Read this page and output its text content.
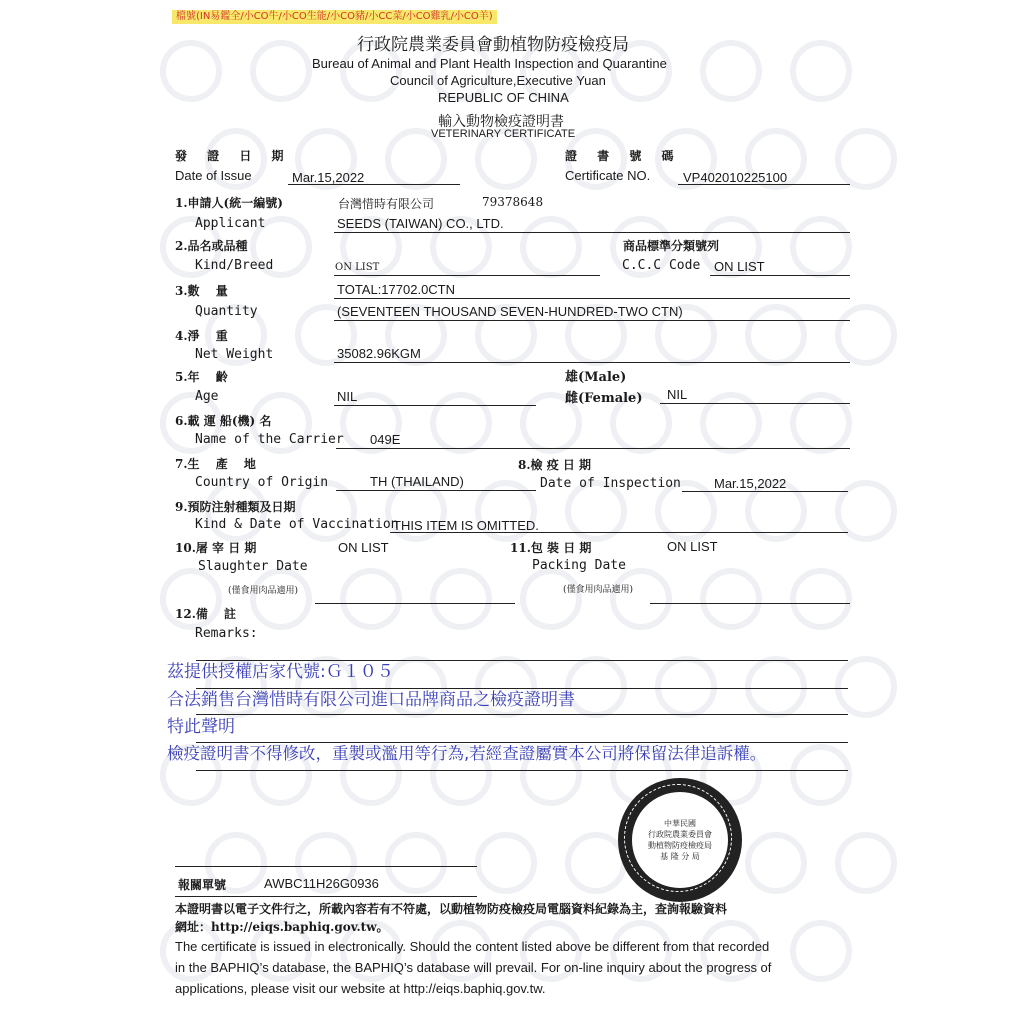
檔號(IN易鑑全/小CO牛/小CO生能/小CO豬/小CC菜/小CO雞乳/小CO羊)
行政院農業委員會動植物防疫檢疫局
Bureau of Animal and Plant Health Inspection and Quarantine
Council of Agriculture,Executive Yuan
REPUBLIC OF CHINA
輸入動物檢疫證明書
VETERINARY CERTIFICATE
發 證 日 期
Date of Issue	Mar.15,2022
證 書 號 碼
Certificate NO.	VP402010225100
1.申請人(統一編號)	台灣惜時有限公司	79378648
Applicant	SEEDS (TAIWAN) CO., LTD.
2.品名或品種	商品標準分類號列
Kind/Breed	ON LIST	C.C.C Code ON LIST
3.數　 量	TOTAL:17702.0CTN
Quantity	(SEVENTEEN THOUSAND SEVEN-HUNDRED-TWO CTN)
4.淨　 重
Net Weight	35082.96KGM
5.年　 齡	雄(Male)
Age	NIL	雌(Female) NIL
6.載 運 船(機) 名
Name of the Carrier 049E
7.生　 產　 地	8.檢 疫 日 期
Country of Origin	TH (THAILAND)	Date of Inspection	Mar.15,2022
9.預防注射種類及日期
Kind & Date of Vaccination
THIS ITEM IS OMITTED.
10.屠 宰 日 期	ON LIST
Slaughter Date
(僅食用肉品適用)
11.包 裝 日 期	ON LIST
Packing Date
(僅食用肉品適用)
12.備　 註
Remarks:
茲提供授權店家代號:Ｇ１０５
合法銷售台灣惜時有限公司進口品牌商品之檢疫證明書
特此聲明
檢疫證明書不得修改，重製或濫用等行為,若經查證屬實本公司將保留法律追訴權。
中華民國
行政院農業委員會
動植物防疫檢疫局
基 隆 分 局
報關單號	AWBC11H26G0936
本證明書以電子文件行之，所載內容若有不符處，以動植物防疫檢疫局電腦資料紀錄為主，查詢報驗資料
網址：http://eiqs.baphiq.gov.tw。
The certificate is issued in electronically. Should the content listed above be different from that recorded
in the BAPHIQ’s database, the BAPHIQ’s database will prevail. For on-line inquiry about the progress of
applications, please visit our website at http://eiqs.baphiq.gov.tw.
